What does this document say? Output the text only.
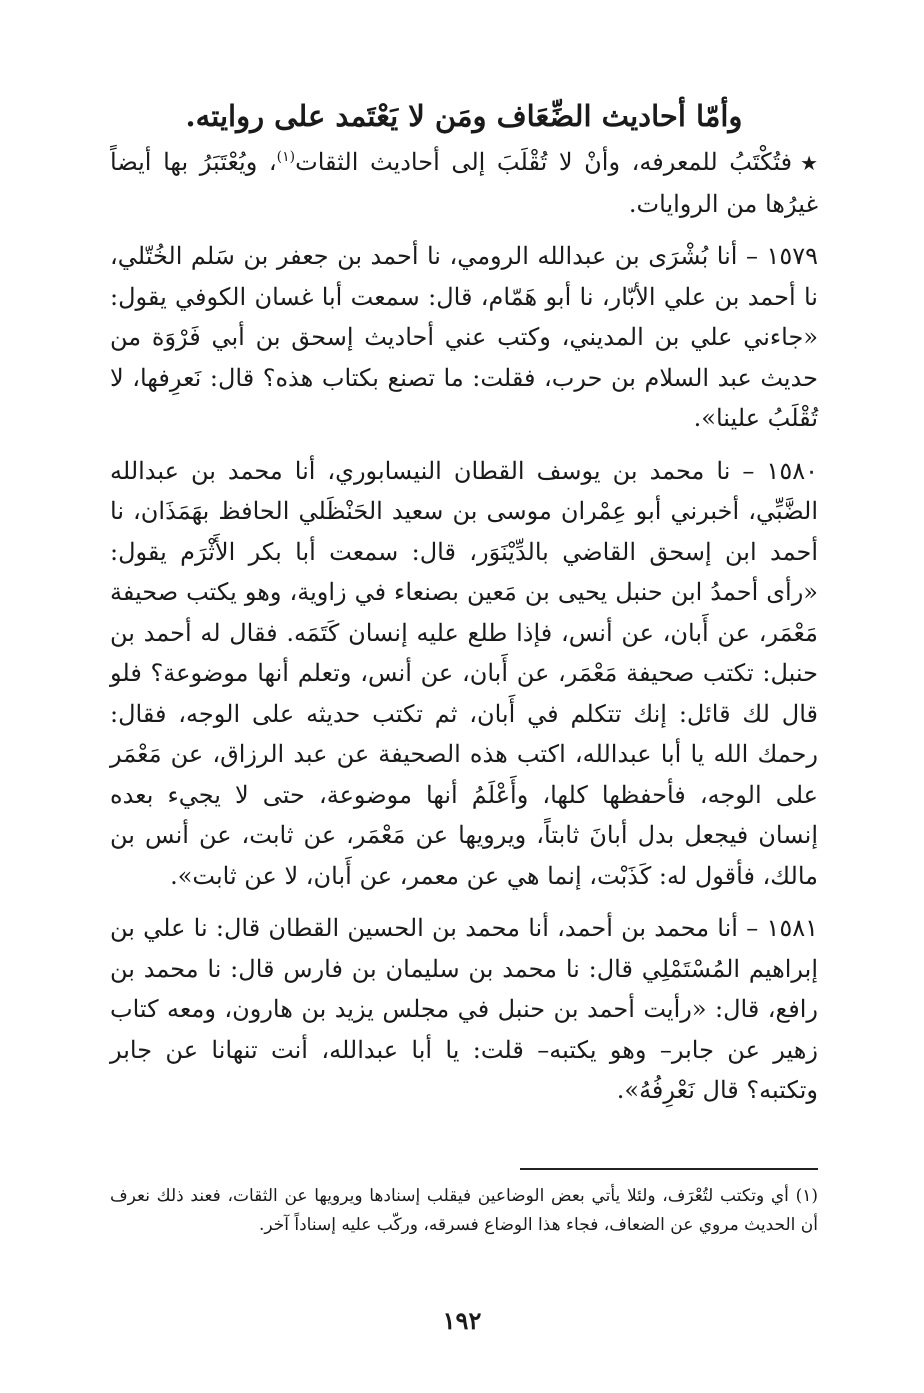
وأمّا أحاديث الضِّعَاف ومَن لا يَعْتَمد على روايته.

★فتُكْتَبُ للمعرفه، وأنْ لا تُقْلَبَ إلى أحاديث الثقات$^{(١)}$، ويُعْتَبَرُ بها أيضاً غيرُها من الروايات.

١٥٧٩ – أنا بُشْرَى بن عبدالله الرومي، نا أحمد بن جعفر بن سَلم الخُتّلي، نا أحمد بن علي الأبّار، نا أبو هَمّام، قال: سمعت أبا غسان الكوفي يقول: «جاءني علي بن المديني، وكتب عني أحاديث إسحق بن أبي فَرْوَة من حديث عبد السلام بن حرب، فقلت: ما تصنع بكتاب هذه؟ قال: نَعرِفها، لا تُقْلَبُ علينا».

١٥٨٠ – نا محمد بن يوسف القطان النيسابوري، أنا محمد بن عبدالله الضَّبِّي، أخبرني أبو عِمْران موسى بن سعيد الحَنْظَلي الحافظ بهَمَذَان، نا أحمد ابن إسحق القاضي بالدِّيْنَوَر، قال: سمعت أبا بكر الأَثْرَم يقول: «رأى أحمدُ ابن حنبل يحيى بن مَعين بصنعاء في زاوية، وهو يكتب صحيفة مَعْمَر، عن أَبان، عن أنس، فإذا طلع عليه إنسان كَتَمَه. فقال له أحمد بن حنبل: تكتب صحيفة مَعْمَر، عن أَبان، عن أنس، وتعلم أنها موضوعة؟ فلو قال لك قائل: إنك تتكلم في أَبان، ثم تكتب حديثه على الوجه، فقال: رحمك الله يا أبا عبدالله، اكتب هذه الصحيفة عن عبد الرزاق، عن مَعْمَر على الوجه، فأحفظها كلها، وأَعْلَمُ أنها موضوعة، حتى لا يجيء بعده إنسان فيجعل بدل أبانَ ثابتاً، ويرويها عن مَعْمَر، عن ثابت، عن أنس بن مالك، فأقول له: كَذَبْت، إنما هي عن معمر، عن أَبان، لا عن ثابت».

١٥٨١ – أنا محمد بن أحمد، أنا محمد بن الحسين القطان قال: نا علي بن إبراهيم المُسْتَمْلِي قال: نا محمد بن سليمان بن فارس قال: نا محمد بن رافع، قال: «رأيت أحمد بن حنبل في مجلس يزيد بن هارون، ومعه كتاب زهير عن جابر– وهو يكتبه– قلت: يا أبا عبدالله، أنت تنهانا عن جابر وتكتبه؟ قال نَعْرِفُهُ».

(١) أي وتكتب لتُعْرَف، ولئلا يأتي بعض الوضاعين فيقلب إسنادها ويرويها عن الثقات، فعند ذلك نعرف أن الحديث مروي عن الضعاف، فجاء هذا الوضاع فسرقه، وركّب عليه إسناداً آخر.
١٩٢
